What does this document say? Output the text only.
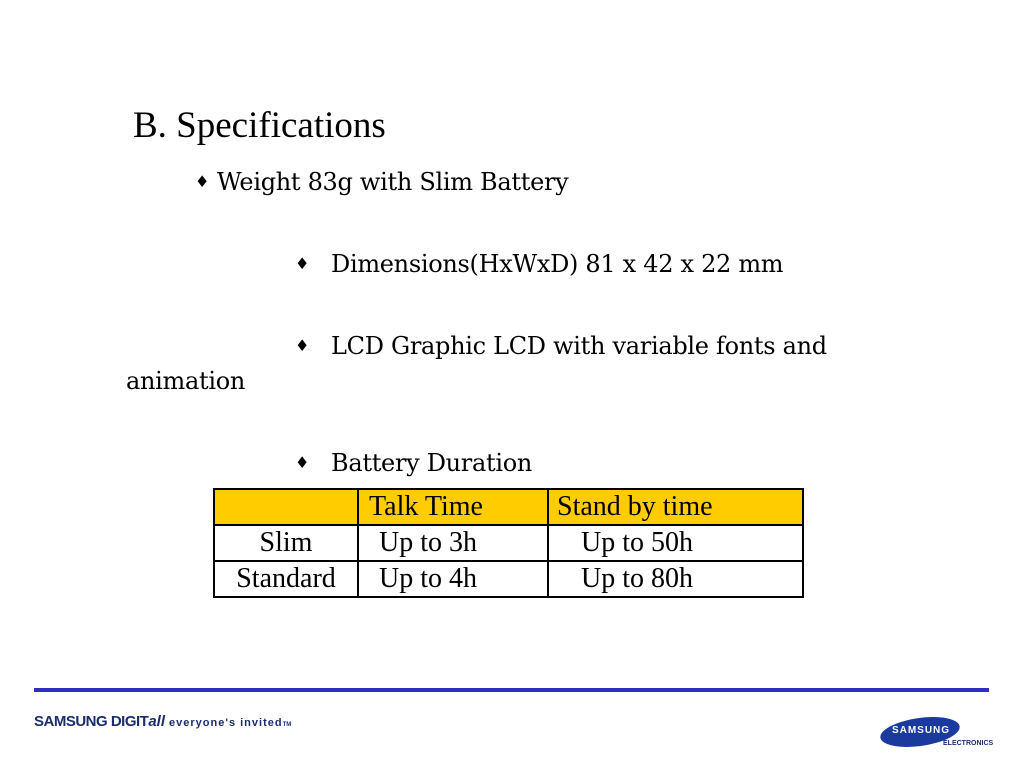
B. Specifications
♦ Weight 83g with Slim Battery
♦ Dimensions(HxWxD) 81 x 42 x 22 mm
♦ LCD Graphic LCD with variable fonts and
animation
♦ Battery Duration
	Talk Time	Stand by time
Slim	Up to 3h	Up to 50h
Standard	Up to 4h	Up to 80h
SAMSUNG DIGITall everyone's invitedTM	SAMSUNG
ELECTRONICS
